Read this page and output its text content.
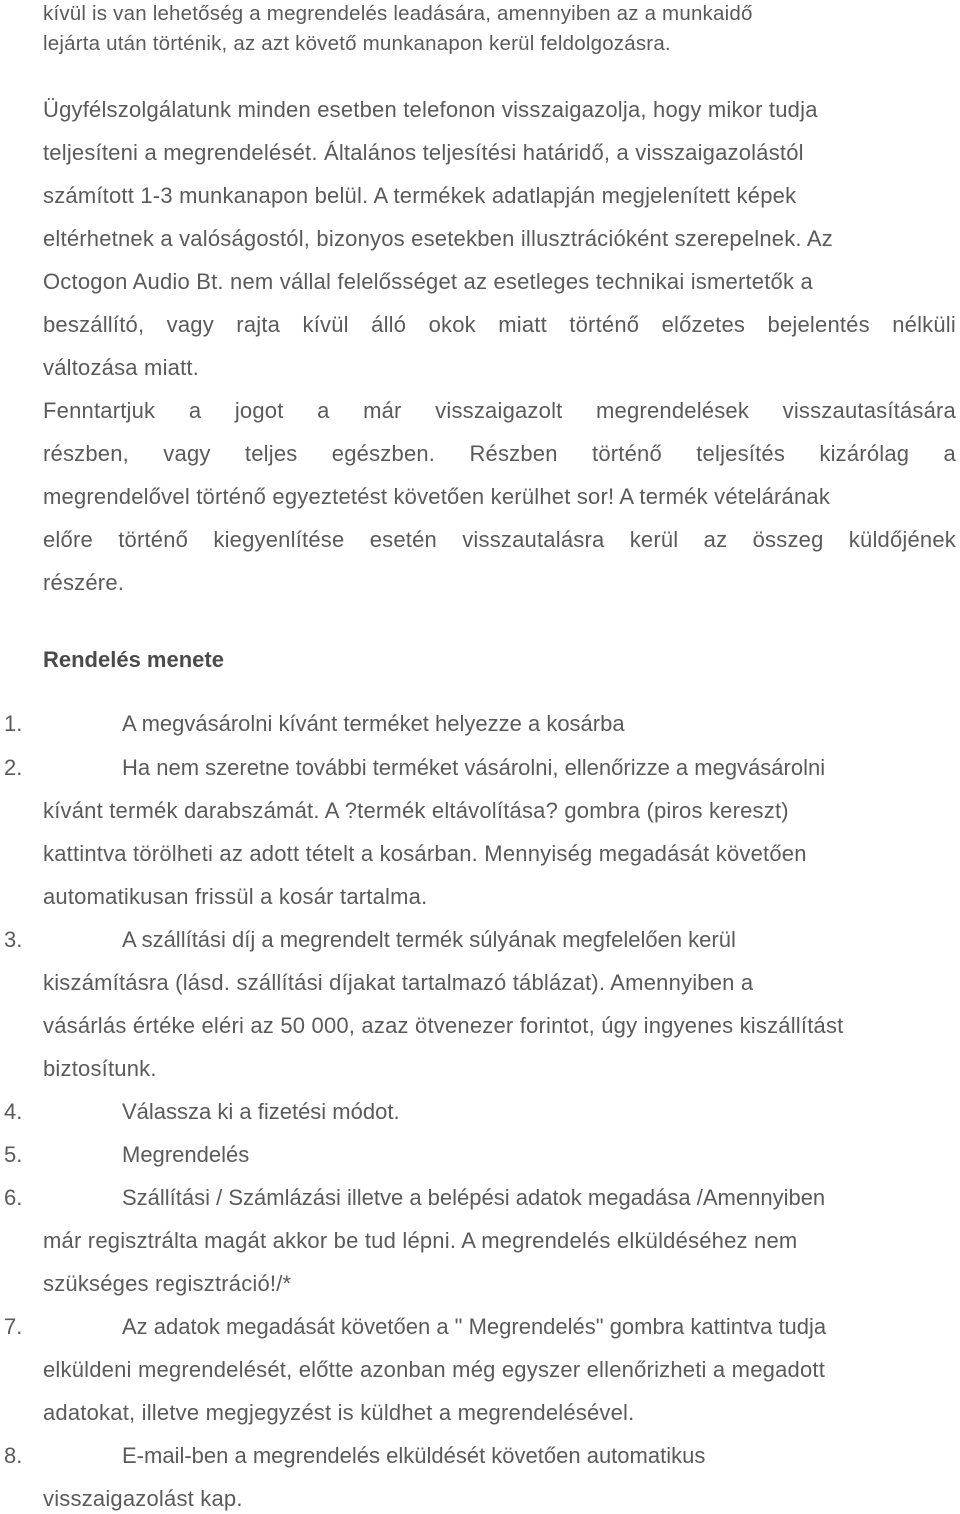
kívül is van lehetőség a megrendelés leadására, amennyiben az a munkaidő
lejárta után történik, az azt követő munkanapon kerül feldolgozásra.
Ügyfélszolgálatunk minden esetben telefonon visszaigazolja, hogy mikor tudja
teljesíteni a megrendelését. Általános teljesítési határidő, a visszaigazolástól
számított 1-3 munkanapon belül. A termékek adatlapján megjelenített képek
eltérhetnek a valóságostól, bizonyos esetekben illusztrációként szerepelnek. Az
Octogon Audio Bt. nem vállal felelősséget az esetleges technikai ismertetők a
beszállító, vagy rajta kívül álló okok miatt történő előzetes bejelentés nélküli
változása miatt.
Fenntartjuk a jogot a már visszaigazolt megrendelések visszautasítására
részben, vagy teljes egészben. Részben történő teljesítés kizárólag a
megrendelővel történő egyeztetést követően kerülhet sor! A termék vételárának
előre történő kiegyenlítése esetén visszautalásra kerül az összeg küldőjének
részére.
Rendelés menete
1.	A megvásárolni kívánt terméket helyezze a kosárba
2.	Ha nem szeretne további terméket vásárolni, ellenőrizze a megvásárolni
kívánt termék darabszámát. A ?termék eltávolítása? gombra (piros kereszt)
kattintva törölheti az adott tételt a kosárban. Mennyiség megadását követően
automatikusan frissül a kosár tartalma.
3.	A szállítási díj a megrendelt termék súlyának megfelelően kerül
kiszámításra (lásd. szállítási díjakat tartalmazó táblázat). Amennyiben a
vásárlás értéke eléri az 50 000, azaz ötvenezer forintot, úgy ingyenes kiszállítást
biztosítunk.
4.	Válassza ki a fizetési módot.
5.	Megrendelés
6.	Szállítási / Számlázási illetve a belépési adatok megadása /Amennyiben
már regisztrálta magát akkor be tud lépni. A megrendelés elküldéséhez nem
szükséges regisztráció!/*
7.	Az adatok megadását követően a " Megrendelés" gombra kattintva tudja
elküldeni megrendelését, előtte azonban még egyszer ellenőrizheti a megadott
adatokat, illetve megjegyzést is küldhet a megrendelésével.
8.	E-mail-ben a megrendelés elküldését követően automatikus
visszaigazolást kap.
